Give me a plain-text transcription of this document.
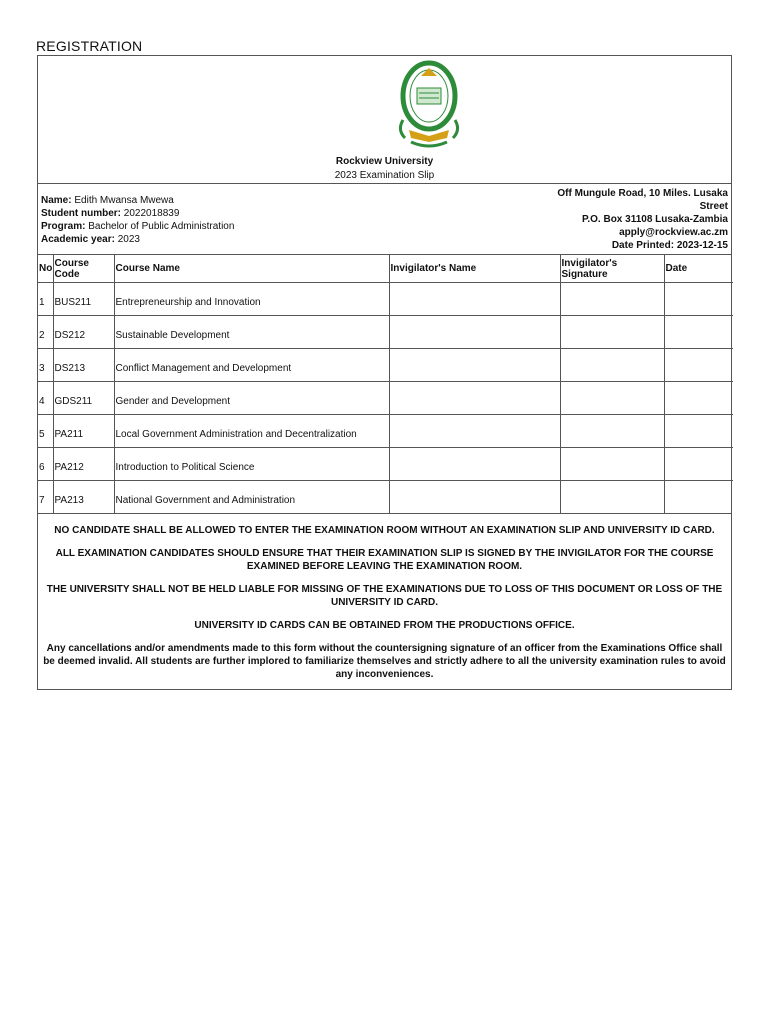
REGISTRATION
Rockview University
2023 Examination Slip
Name: Edith Mwansa Mwewa
Student number: 2022018839
Program: Bachelor of Public Administration
Academic year: 2023
Off Mungule Road, 10 Miles. Lusaka Street
P.O. Box 31108 Lusaka-Zambia
apply@rockview.ac.zm
Date Printed: 2023-12-15
No	Course Code	Course Name	Invigilator's Name	Invigilator's Signature	Date
1	BUS211	Entrepreneurship and Innovation			
2	DS212	Sustainable Development			
3	DS213	Conflict Management and Development			
4	GDS211	Gender and Development			
5	PA211	Local Government Administration and Decentralization			
6	PA212	Introduction to Political Science			
7	PA213	National Government and Administration			

NO CANDIDATE SHALL BE ALLOWED TO ENTER THE EXAMINATION ROOM WITHOUT AN EXAMINATION SLIP AND UNIVERSITY ID CARD.

ALL EXAMINATION CANDIDATES SHOULD ENSURE THAT THEIR EXAMINATION SLIP IS SIGNED BY THE INVIGILATOR FOR THE COURSE EXAMINED BEFORE LEAVING THE EXAMINATION ROOM.

THE UNIVERSITY SHALL NOT BE HELD LIABLE FOR MISSING OF THE EXAMINATIONS DUE TO LOSS OF THIS DOCUMENT OR LOSS OF THE UNIVERSITY ID CARD.

UNIVERSITY ID CARDS CAN BE OBTAINED FROM THE PRODUCTIONS OFFICE.

Any cancellations and/or amendments made to this form without the countersigning signature of an officer from the Examinations Office shall be deemed invalid. All students are further implored to familiarize themselves and strictly adhere to all the university examination rules to avoid any inconveniences.
